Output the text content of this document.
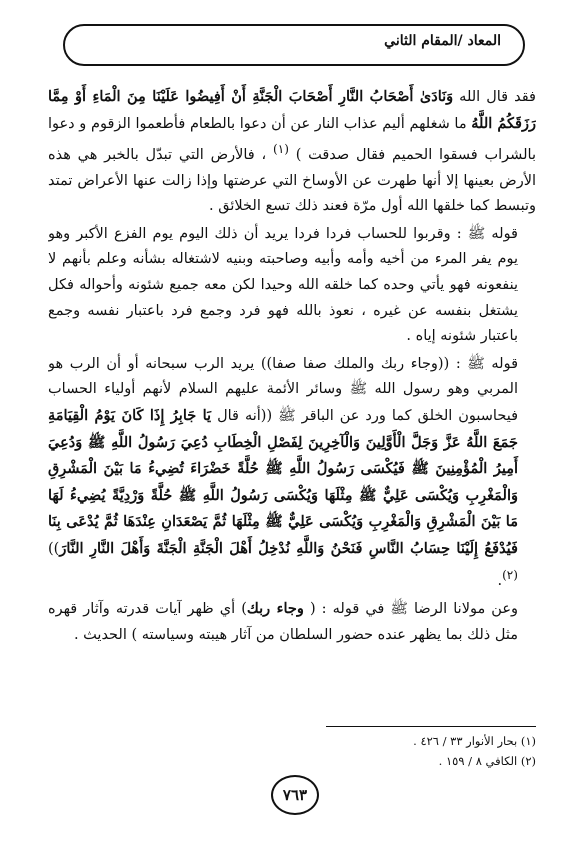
المعاد /المقام الثاني

فقد قال الله وَنَادَىٰ أَصْحَابُ النَّارِ أَصْحَابَ الْجَنَّةِ أَنْ أَفِيضُوا عَلَيْنَا مِنَ الْمَاءِ أَوْ مِمَّا رَزَقَكُمُ اللَّهُ ما شغلهم أليم عذاب النار عن أن دعوا بالطعام فأطعموا الزقوم و دعوا بالشراب فسقوا الحميم فقال صدقت ) $^{(١)}$ ، فالأرض التي تبدّل بالخبر هي هذه الأرض بعينها إلا أنها طهرت عن الأوساخ التي عرضتها وإذا زالت عنها الأعراض تمتد وتبسط كما خلقها الله أول مرّة فعند ذلك تسع الخلائق .

قوله ﷺ : وقربوا للحساب فردا فردا يريد أن ذلك اليوم يوم الفزع الأكبر وهو يوم يفر المرء من أخيه وأمه وأبيه وصاحبته وبنيه لاشتغاله بشأنه وعلم بأنهم لا ينفعونه فهو يأتي وحده كما خلقه الله وحيدا لكن معه جميع شئونه وأحواله فكل يشتغل بنفسه عن غيره ، نعوذ بالله فهو فرد وجمع فرد باعتبار نفسه وجمع باعتبار شئونه إياه .

قوله ﷺ : ((وجاء ربك والملك صفا صفا)) يريد الرب سبحانه أو أن الرب هو المربي وهو رسول الله ﷺ وسائر الأئمة عليهم السلام لأنهم أولياء الحساب فيحاسبون الخلق كما ورد عن الباقر ﷺ ((أنه قال يَا جَابِرُ إِذَا كَانَ يَوْمُ الْقِيَامَةِ جَمَعَ اللَّهُ عَزَّ وَجَلَّ الْأَوَّلِينَ وَالْآخِرِينَ لِفَصْلِ الْخِطَابِ دُعِيَ رَسُولُ اللَّهِ ﷺ وَدُعِيَ أَمِيرُ الْمُؤْمِنِينَ ﷺ فَيُكْسَى رَسُولُ اللَّهِ ﷺ حُلَّةً خَضْرَاءَ تُضِيءُ مَا بَيْنَ الْمَشْرِقِ وَالْمَغْرِبِ وَيُكْسَى عَلِيٌّ ﷺ مِثْلَهَا وَيُكْسَى رَسُولُ اللَّهِ ﷺ حُلَّةً وَرْدِيَّةً يُضِيءُ لَهَا مَا بَيْنَ الْمَشْرِقِ وَالْمَغْرِبِ وَيُكْسَى عَلِيٌّ ﷺ مِثْلَهَا ثُمَّ يَصْعَدَانِ عِنْدَهَا ثُمَّ يُدْعَى بِنَا فَيُدْفَعُ إِلَيْنَا حِسَابُ النَّاسِ فَنَحْنُ وَاللَّهِ نُدْخِلُ أَهْلَ الْجَنَّةِ الْجَنَّةَ وَأَهْلَ النَّارِ النَّارَ)) $^{(٢)}$.

وعن مولانا الرضا ﷺ في قوله : ( وجاء ربك) أي ظهر آيات قدرته وآثار قهره مثل ذلك بما يظهر عنده حضور السلطان من آثار هيبته وسياسته ) الحديث .

(١) بحار الأنوار ٣٣ / ٤٢٦ .
(٢) الكافي ٨ / ١٥٩ .
٧٦٣
